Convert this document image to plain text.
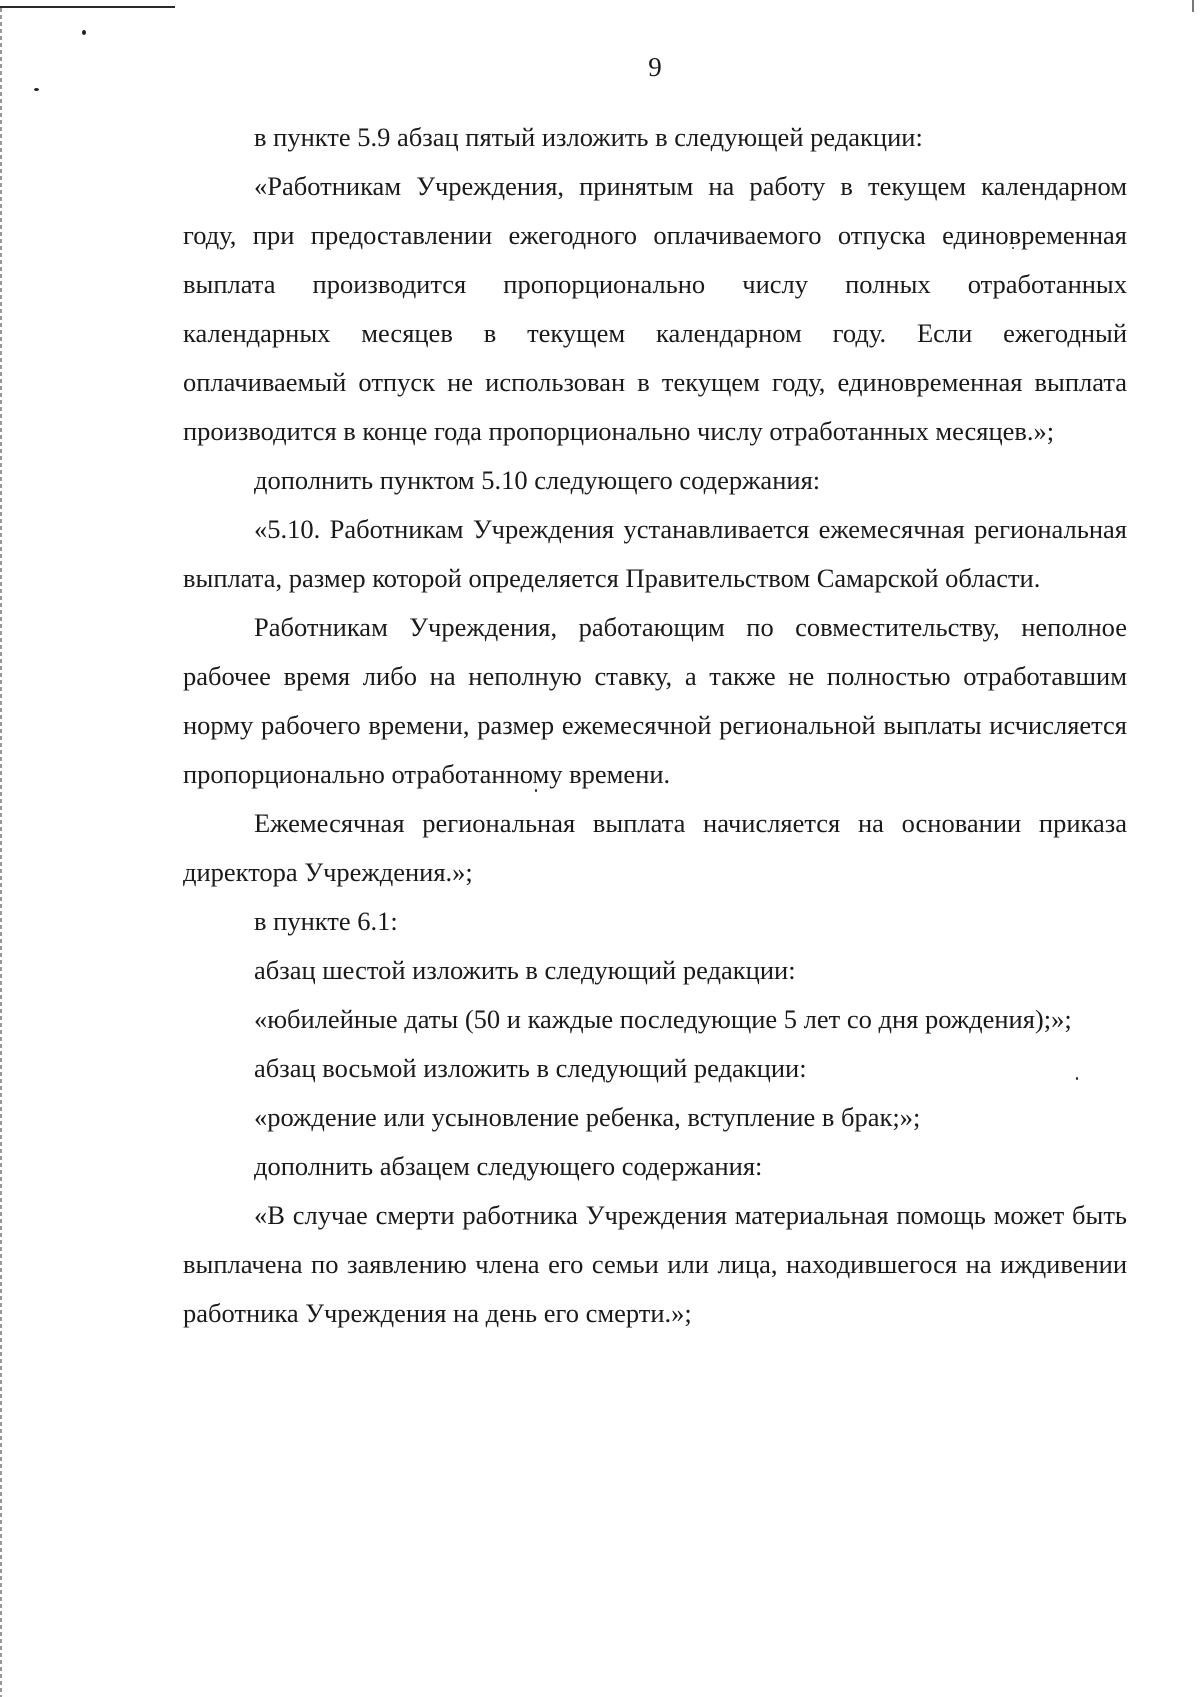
9

в пункте 5.9 абзац пятый изложить в следующей редакции:

«Работникам Учреждения, принятым на работу в текущем календарном году, при предоставлении ежегодного оплачиваемого отпуска единовременная выплата производится пропорционально числу полных отработанных календарных месяцев в текущем календарном году. Если ежегодный оплачиваемый отпуск не использован в текущем году, единовременная выплата производится в конце года пропорционально числу отработанных месяцев.»;

дополнить пунктом 5.10 следующего содержания:

«5.10. Работникам Учреждения устанавливается ежемесячная региональная выплата, размер которой определяется Правительством Самарской области.

Работникам Учреждения, работающим по совместительству, неполное рабочее время либо на неполную ставку, а также не полностью отработавшим норму рабочего времени, размер ежемесячной региональной выплаты исчисляется пропорционально отработанному времени.

Ежемесячная региональная выплата начисляется на основании приказа директора Учреждения.»;

в пункте 6.1:

абзац шестой изложить в следующий редакции:

«юбилейные даты (50 и каждые последующие 5 лет со дня рождения);»;

абзац восьмой изложить в следующий редакции:

«рождение или усыновление ребенка, вступление в брак;»;

дополнить абзацем следующего содержания:

«В случае смерти работника Учреждения материальная помощь может быть выплачена по заявлению члена его семьи или лица, находившегося на иждивении работника Учреждения на день его смерти.»;
